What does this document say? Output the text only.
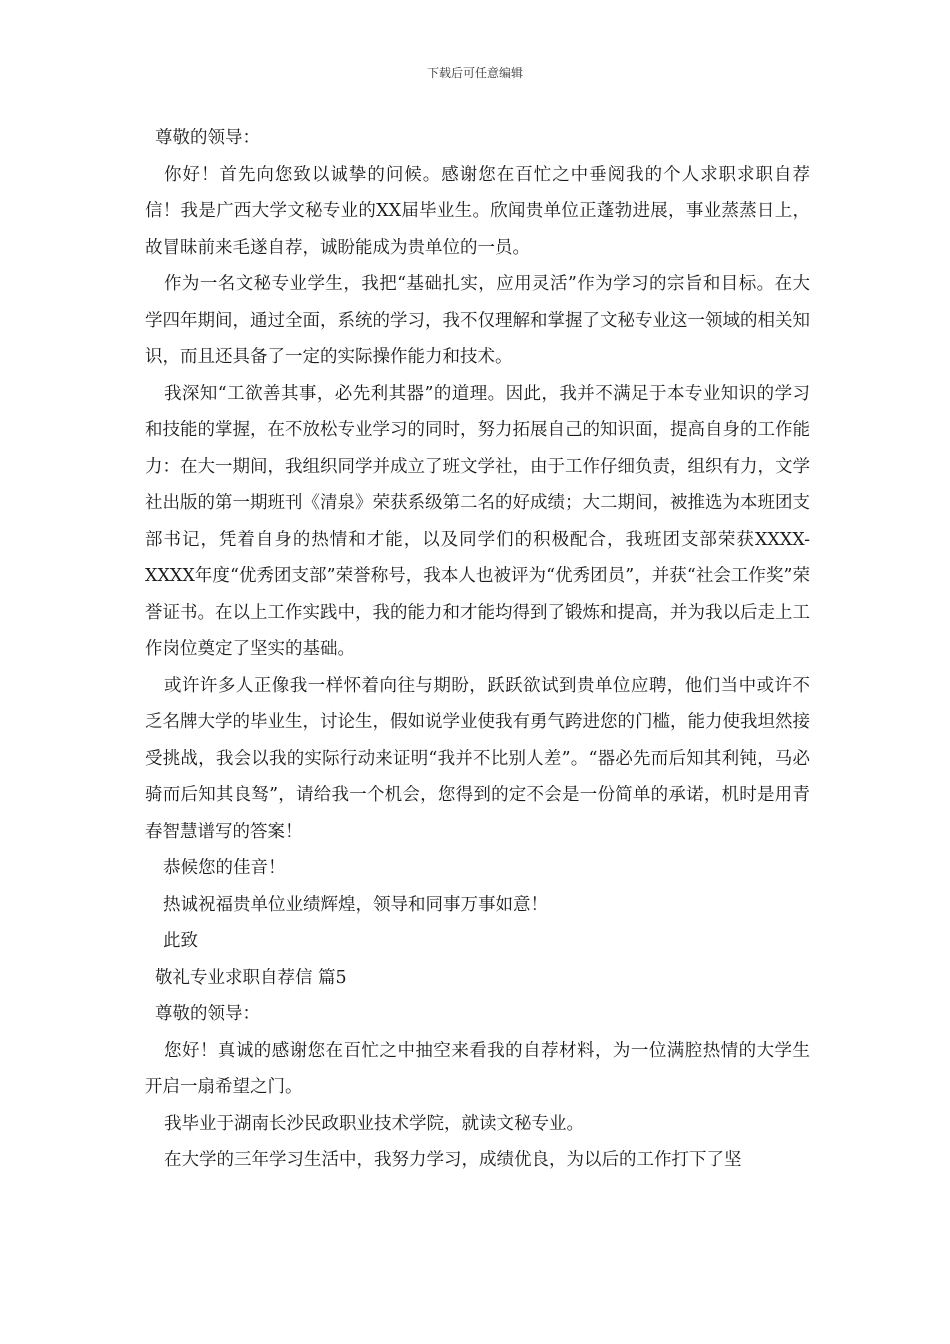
下载后可任意编辑

尊敬的领导：

你好！首先向您致以诚挚的问候。感谢您在百忙之中垂阅我的个人求职求职自荐信！我是广西大学文秘专业的XX届毕业生。欣闻贵单位正蓬勃进展，事业蒸蒸日上，故冒昧前来毛遂自荐，诚盼能成为贵单位的一员。

作为一名文秘专业学生，我把“基础扎实，应用灵活”作为学习的宗旨和目标。在大学四年期间，通过全面，系统的学习，我不仅理解和掌握了文秘专业这一领域的相关知识，而且还具备了一定的实际操作能力和技术。

我深知“工欲善其事，必先利其器”的道理。因此，我并不满足于本专业知识的学习和技能的掌握，在不放松专业学习的同时，努力拓展自己的知识面，提高自身的工作能力：在大一期间，我组织同学并成立了班文学社，由于工作仔细负责，组织有力，文学社出版的第一期班刊《清泉》荣获系级第二名的好成绩；大二期间，被推选为本班团支部书记，凭着自身的热情和才能，以及同学们的积极配合，我班团支部荣获XXXX-XXXX年度“优秀团支部”荣誉称号，我本人也被评为“优秀团员”，并获“社会工作奖”荣誉证书。在以上工作实践中，我的能力和才能均得到了锻炼和提高，并为我以后走上工作岗位奠定了坚实的基础。

或许许多人正像我一样怀着向往与期盼，跃跃欲试到贵单位应聘，他们当中或许不乏名牌大学的毕业生，讨论生，假如说学业使我有勇气跨进您的门槛，能力使我坦然接受挑战，我会以我的实际行动来证明“我并不比别人差”。“器必先而后知其利钝，马必骑而后知其良驽”，请给我一个机会，您得到的定不会是一份简单的承诺，机时是用青春智慧谱写的答案！

恭候您的佳音！

热诚祝福贵单位业绩辉煌，领导和同事万事如意！

此致

敬礼专业求职自荐信 篇5

尊敬的领导：

您好！真诚的感谢您在百忙之中抽空来看我的自荐材料，为一位满腔热情的大学生开启一扇希望之门。

我毕业于湖南长沙民政职业技术学院，就读文秘专业。

在大学的三年学习生活中，我努力学习，成绩优良，为以后的工作打下了坚
